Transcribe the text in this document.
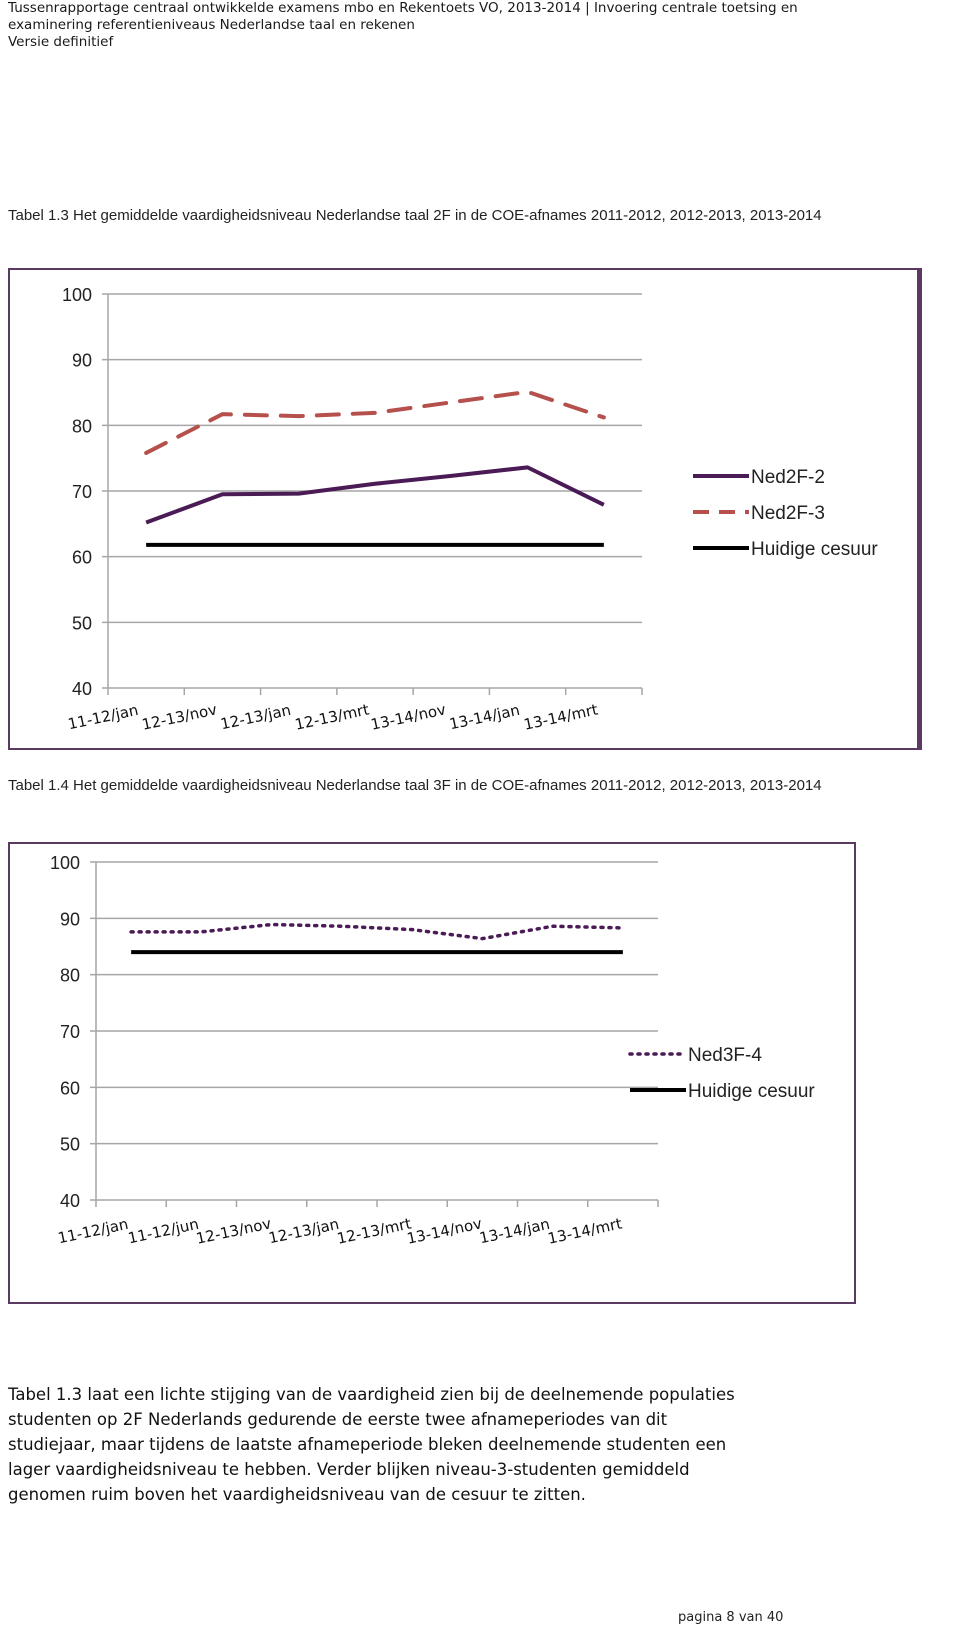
Tussenrapportage centraal ontwikkelde examens mbo en Rekentoets VO, 2013-2014 | Invoering centrale toetsing en
examinering referentieniveaus Nederlandse taal en rekenen
Versie definitief
Tabel 1.3 Het gemiddelde vaardigheidsniveau Nederlandse taal 2F in de COE-afnames 2011-2012, 2012-2013, 2013-2014
40
50
60
70
80
90
100
11-12/jan 12-13/nov 12-13/jan 12-13/mrt
13-14/nov 13-14/jan 13-14/mrt
Ned2F-2
Ned2F-3
Huidige cesuur
Tabel 1.4 Het gemiddelde vaardigheidsniveau Nederlandse taal 3F in de COE-afnames 2011-2012, 2012-2013, 2013-2014
40
50
60
70
80
90
100
11-12/jan
11-12/jun
12-13/nov
12-13/jan
12-13/mrt
13-14/nov
13-14/jan
13-14/mrt
Ned3F-4
Huidige cesuur

Tabel 1.3 laat een lichte stijging van de vaardigheid zien bij de deelnemende populaties

studenten op 2F Nederlands gedurende de eerste twee afnameperiodes van dit

studiejaar, maar tijdens de laatste afnameperiode bleken deelnemende studenten een

lager vaardigheidsniveau te hebben. Verder blijken niveau-3-studenten gemiddeld

genomen ruim boven het vaardigheidsniveau van de cesuur te zitten.

pagina 8 van 40
